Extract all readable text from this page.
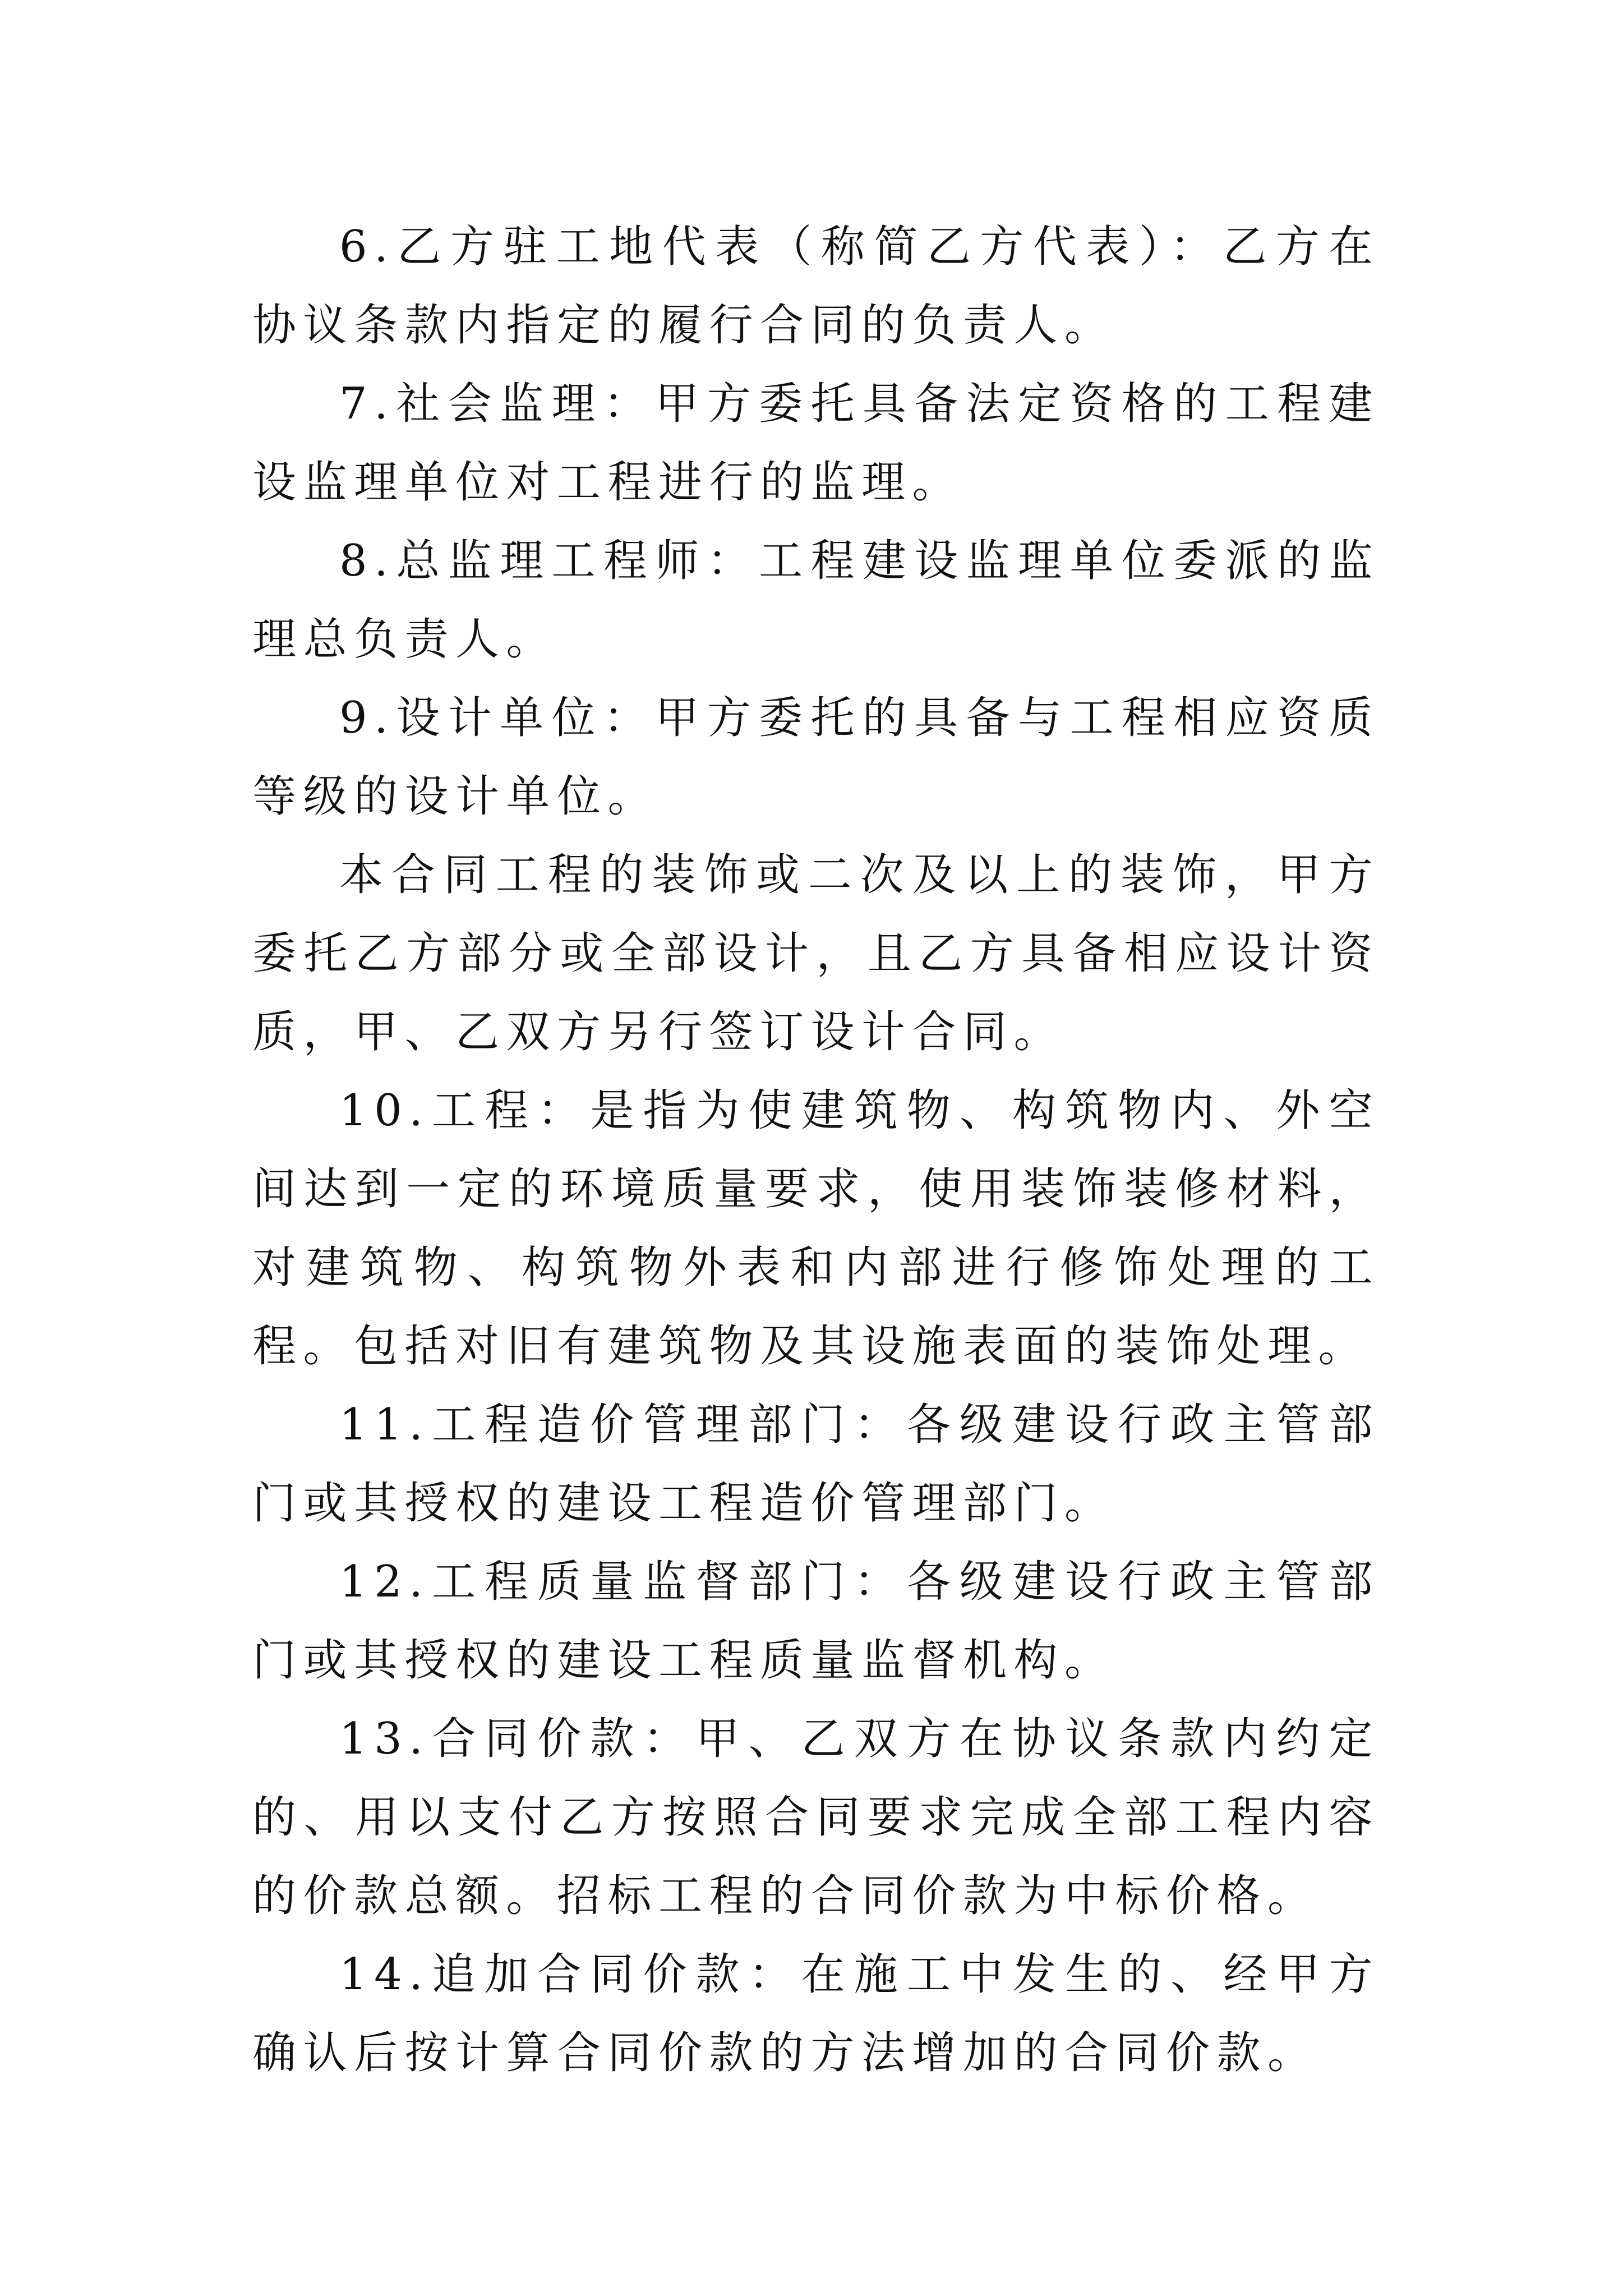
6.乙方驻工地代表（称简乙方代表）：乙方在协议条款内指定的履行合同的负责人。

7.社会监理：甲方委托具备法定资格的工程建设监理单位对工程进行的监理。

8.总监理工程师：工程建设监理单位委派的监理总负责人。

9.设计单位：甲方委托的具备与工程相应资质等级的设计单位。

本合同工程的装饰或二次及以上的装饰，甲方委托乙方部分或全部设计，且乙方具备相应设计资质，甲、乙双方另行签订设计合同。

10.工程：是指为使建筑物、构筑物内、外空间达到一定的环境质量要求，使用装饰装修材料，对建筑物、构筑物外表和内部进行修饰处理的工程。包括对旧有建筑物及其设施表面的装饰处理。

11.工程造价管理部门：各级建设行政主管部门或其授权的建设工程造价管理部门。

12.工程质量监督部门：各级建设行政主管部门或其授权的建设工程质量监督机构。

13.合同价款：甲、乙双方在协议条款内约定的、用以支付乙方按照合同要求完成全部工程内容的价款总额。招标工程的合同价款为中标价格。

14.追加合同价款：在施工中发生的、经甲方确认后按计算合同价款的方法增加的合同价款。
